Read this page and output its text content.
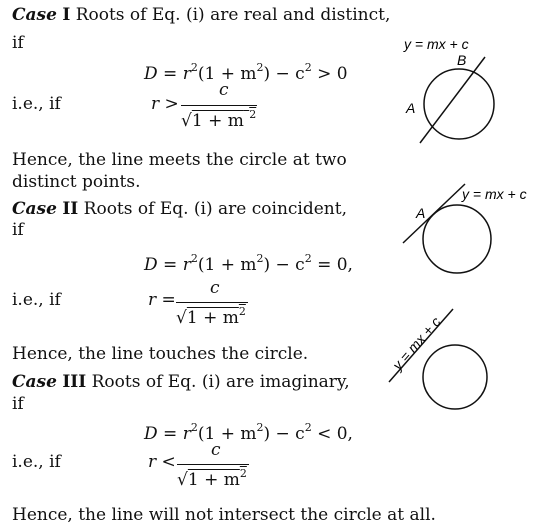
Case I Roots of Eq. (i) are real and distinct,
if
$D = r^2(1 + m^2) - c^2 > 0$
i.e., if	r >
c
√1 + m $^2$
Hence, the line meets the circle at two
distinct points.
Case II Roots of Eq. (i) are coincident,
if
$D = r^2(1 + m^2) - c^2 = 0$,
i.e., if	r =
c
$√1 + m^2$
Hence, the line touches the circle.
Case III Roots of Eq. (i) are imaginary,
if
$D = r^2(1 + m^2) - c^2 < 0$,
i.e., if	r <
c
$√1 + m^2$
Hence, the line will not intersect the circle at all.
y = mx + c
B
A
y = mx + c
A
y = mx + c
